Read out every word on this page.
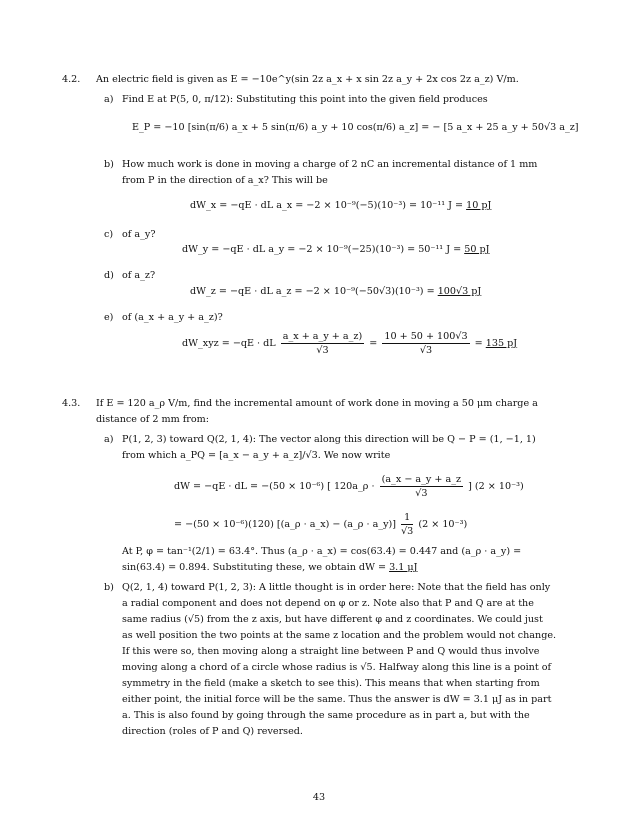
4.2. An electric field is given as E = −10e^y(sin 2z a_x + x sin 2z a_y + 2x cos 2z a_z) V/m.
a) Find E at P(5, 0, π/12): Substituting this point into the given field produces
E_P = −10 [sin(π/6) a_x + 5 sin(π/6) a_y + 10 cos(π/6) a_z] = − [5 a_x + 25 a_y + 50√3 a_z]
b) How much work is done in moving a charge of 2 nC an incremental distance of 1 mm
from P in the direction of a_x? This will be
dW_x = −qE · dL a_x = −2 × 10⁻⁹(−5)(10⁻³) = 10⁻¹¹ J = 10 pJ
c) of a_y?
dW_y = −qE · dL a_y = −2 × 10⁻⁹(−25)(10⁻³) = 50⁻¹¹ J = 50 pJ
d) of a_z?
dW_z = −qE · dL a_z = −2 × 10⁻⁹(−50√3)(10⁻³) = 100√3 pJ
e) of (a_x + a_y + a_z)?
dW_xyz = −qE · dL $\frac{a\_x + a\_y + a\_z)}{√3} = \frac{10 + 50 + 100√3}{√3} = 135$ pJ
4.3. If E = 120 a_ρ V/m, find the incremental amount of work done in moving a 50 μm charge a
distance of 2 mm from:
a) P(1, 2, 3) toward Q(2, 1, 4): The vector along this direction will be Q − P = (1, −1, 1)
from which a_PQ = [a_x − a_y + a_z]/√3. We now write
dW = −qE · dL = −(50 × 10⁻⁶) [ 120a_ρ · $\frac{(a\_x - a\_y + a\_z}{√3}$ ] (2 × 10⁻³)
= −(50 × 10⁻⁶)(120) [(a_ρ · a_x) − (a_ρ · a_y)] $\frac{1}{√3} (2 \times 10^{-3})$
At P, φ = tan⁻¹(2/1) = 63.4°. Thus (a_ρ · a_x) = cos(63.4) = 0.447 and (a_ρ · a_y) =
sin(63.4) = 0.894. Substituting these, we obtain dW = 3.1 μJ
b) Q(2, 1, 4) toward P(1, 2, 3): A little thought is in order here: Note that the field has only
a radial component and does not depend on φ or z. Note also that P and Q are at the
same radius (√5) from the z axis, but have different φ and z coordinates. We could just
as well position the two points at the same z location and the problem would not change.
If this were so, then moving along a straight line between P and Q would thus involve
moving along a chord of a circle whose radius is √5. Halfway along this line is a point of
symmetry in the field (make a sketch to see this). This means that when starting from
either point, the initial force will be the same. Thus the answer is dW = 3.1 μJ as in part
a. This is also found by going through the same procedure as in part a, but with the
direction (roles of P and Q) reversed.
43
